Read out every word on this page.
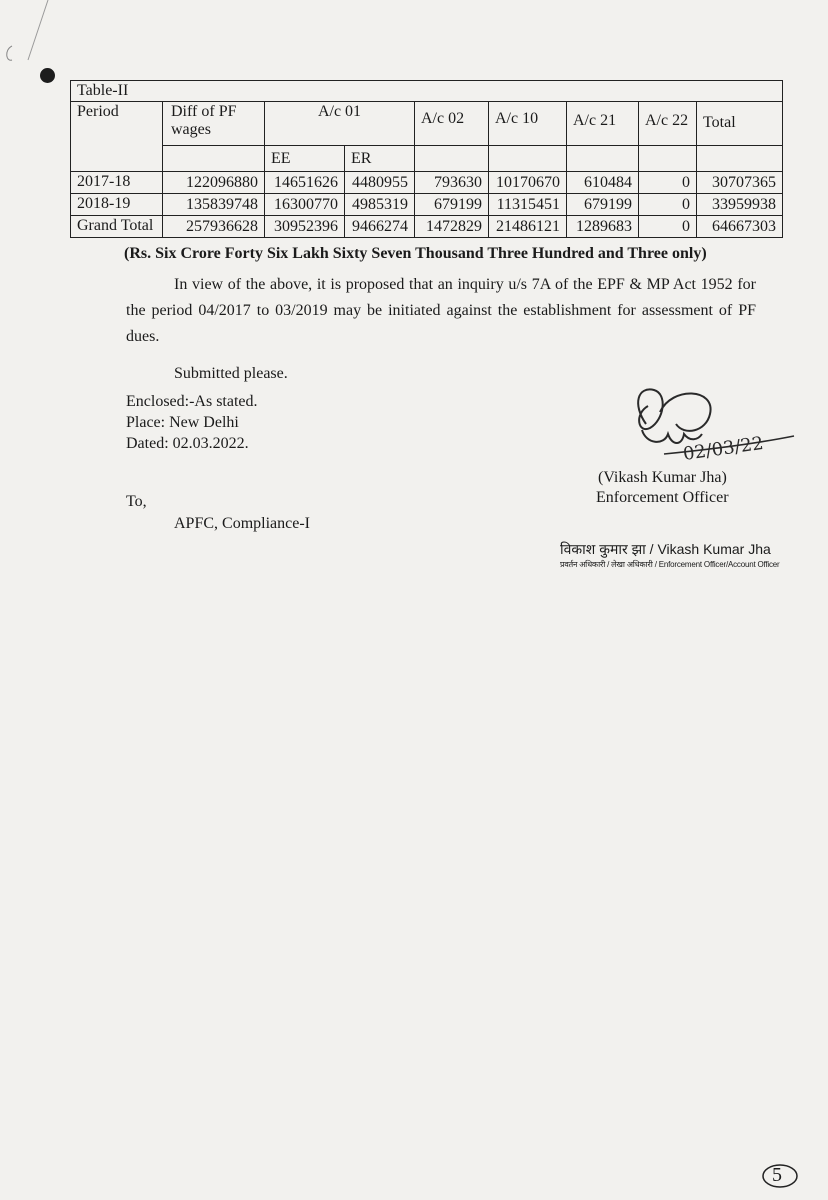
Table-II								
Period	Diff of PF wages	A/c 01		A/c 02	A/c 10	A/c 21	A/c 22	Total
		EE	ER					
2017-18	122096880	14651626	4480955	793630	10170670	610484	0	30707365
2018-19	135839748	16300770	4985319	679199	11315451	679199	0	33959938
Grand Total	257936628	30952396	9466274	1472829	21486121	1289683	0	64667303
(Rs. Six Crore Forty Six Lakh Sixty Seven Thousand Three Hundred and Three only)
In view of the above, it is proposed that an inquiry u/s 7A of the EPF & MP Act 1952 for the period 04/2017 to 03/2019 may be initiated against the establishment for assessment of PF dues.
Submitted please.
Enclosed:-As stated.
Place: New Delhi
Dated: 02.03.2022.	02/03/22
(Vikash Kumar Jha)
Enforcement Officer
To,
APFC, Compliance-I
विकाश कुमार झा / Vikash Kumar Jha
प्रवर्तन अधिकारी / लेखा अधिकारी / Enforcement Officer/Account Officer
5
